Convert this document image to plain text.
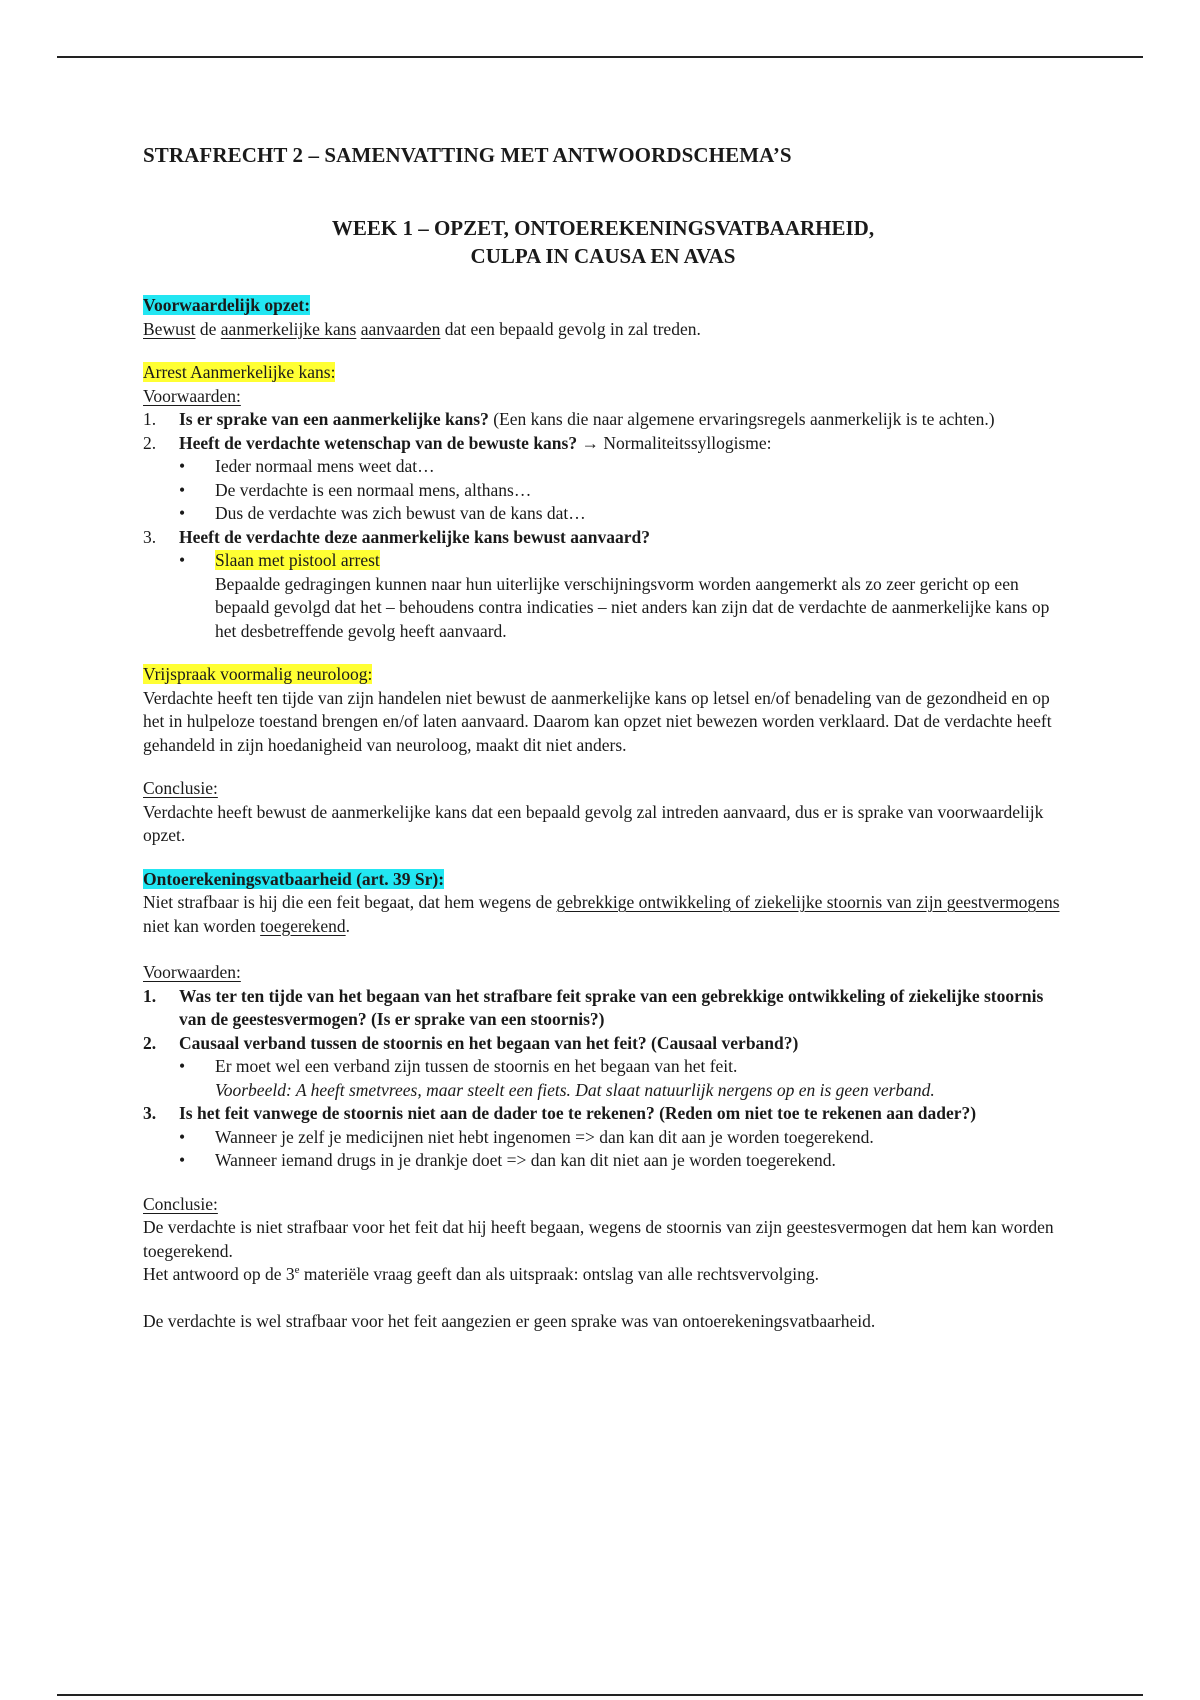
STRAFRECHT 2 – SAMENVATTING MET ANTWOORDSCHEMA’S
WEEK 1 – OPZET, ONTOEREKENINGSVATBAARHEID,
CULPA IN CAUSA EN AVAS

Voorwaardelijk opzet:

Bewust de aanmerkelijke kans aanvaarden dat een bepaald gevolg in zal treden.

Arrest Aanmerkelijke kans:

Voorwaarden:

1.	Is er sprake van een aanmerkelijke kans? (Een kans die naar algemene ervaringsregels aanmerkelijk is te achten.)
2.	Heeft de verdachte wetenschap van de bewuste kans? → Normaliteitssyllogisme:
•	Ieder normaal mens weet dat…
•	De verdachte is een normaal mens, althans…
•	Dus de verdachte was zich bewust van de kans dat…
3.	Heeft de verdachte deze aanmerkelijke kans bewust aanvaard?
•	Slaan met pistool arrest

Bepaalde gedragingen kunnen naar hun uiterlijke verschijningsvorm worden aangemerkt als zo zeer gericht op een bepaald gevolgd dat het – behoudens contra indicaties – niet anders kan zijn dat de verdachte de aanmerkelijke kans op het desbetreffende gevolg heeft aanvaard.

Vrijspraak voormalig neuroloog:

Verdachte heeft ten tijde van zijn handelen niet bewust de aanmerkelijke kans op letsel en/of benadeling van de gezondheid en op het in hulpeloze toestand brengen en/of laten aanvaard. Daarom kan opzet niet bewezen worden verklaard. Dat de verdachte heeft gehandeld in zijn hoedanigheid van neuroloog, maakt dit niet anders.

Conclusie:

Verdachte heeft bewust de aanmerkelijke kans dat een bepaald gevolg zal intreden aanvaard, dus er is sprake van voorwaardelijk opzet.

Ontoerekeningsvatbaarheid (art. 39 Sr):

Niet strafbaar is hij die een feit begaat, dat hem wegens de gebrekkige ontwikkeling of ziekelijke stoornis van zijn geestvermogens niet kan worden toegerekend.

Voorwaarden:

1.	Was ter ten tijde van het begaan van het strafbare feit sprake van een gebrekkige ontwikkeling of ziekelijke stoornis van de geestesvermogen? (Is er sprake van een stoornis?)
2.	Causaal verband tussen de stoornis en het begaan van het feit? (Causaal verband?)
•	Er moet wel een verband zijn tussen de stoornis en het begaan van het feit.

Voorbeeld: A heeft smetvrees, maar steelt een fiets. Dat slaat natuurlijk nergens op en is geen verband.

3.	Is het feit vanwege de stoornis niet aan de dader toe te rekenen? (Reden om niet toe te rekenen aan dader?)
•	Wanneer je zelf je medicijnen niet hebt ingenomen => dan kan dit aan je worden toegerekend.
•	Wanneer iemand drugs in je drankje doet => dan kan dit niet aan je worden toegerekend.

Conclusie:

De verdachte is niet strafbaar voor het feit dat hij heeft begaan, wegens de stoornis van zijn geestesvermogen dat hem kan worden toegerekend.

Het antwoord op de 3e materiële vraag geeft dan als uitspraak: ontslag van alle rechtsvervolging.

De verdachte is wel strafbaar voor het feit aangezien er geen sprake was van ontoerekeningsvatbaarheid.
